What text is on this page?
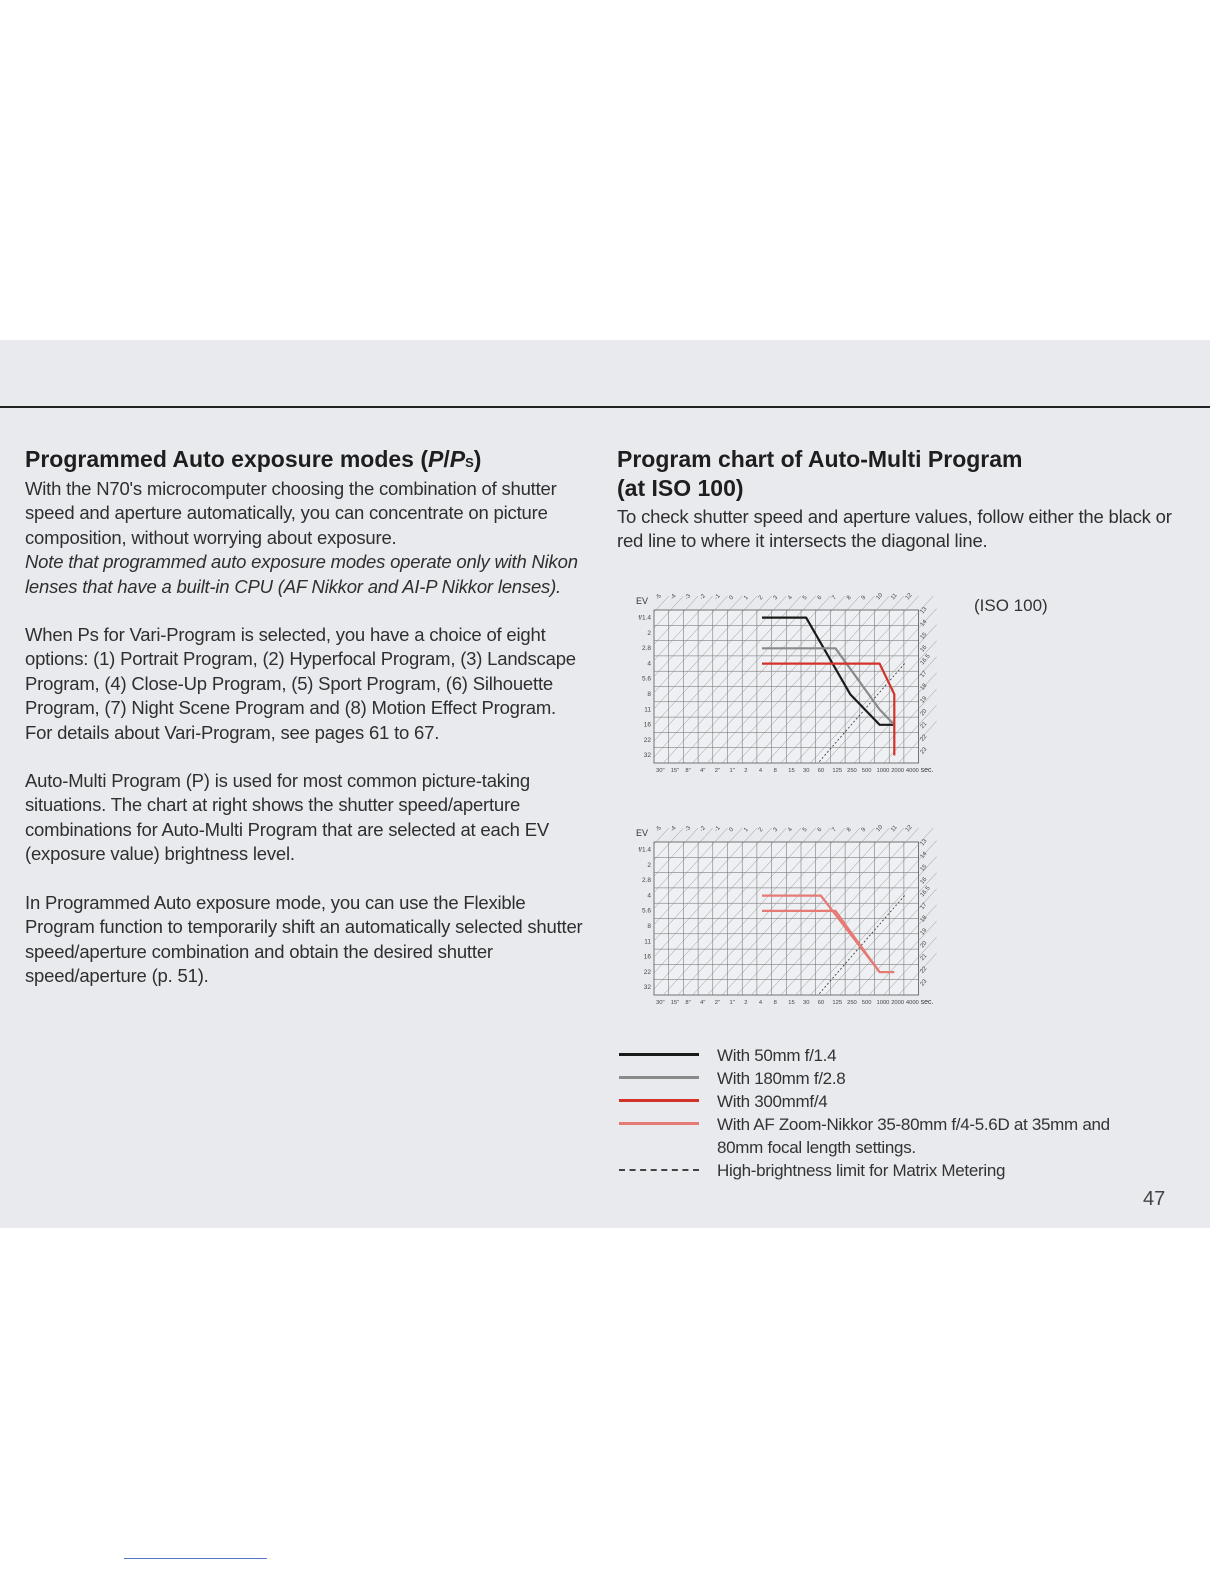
Programmed Auto exposure modes (P/PS)

With the N70's microcomputer choosing the combination of shutter speed and aperture automatically, you can concentrate on picture composition, without worrying about exposure.

Note that programmed auto exposure modes operate only with Nikon lenses that have a built-in CPU (AF Nikkor and AI-P Nikkor lenses).

When Ps for Vari-Program is selected, you have a choice of eight options: (1) Portrait Program, (2) Hyperfocal Program, (3) Landscape Program, (4) Close-Up Program, (5) Sport Program, (6) Silhouette Program, (7) Night Scene Program and (8) Motion Effect Program.

For details about Vari-Program, see pages 61 to 67.

Auto-Multi Program (P) is used for most common picture-taking situations. The chart at right shows the shutter speed/aperture combinations for Auto-Multi Program that are selected at each EV (exposure value) brightness level.

In Programmed Auto exposure mode, you can use the Flexible Program function to temporarily shift an automatically selected shutter speed/aperture combination and obtain the desired shutter speed/aperture (p. 51).

Program chart of Auto-Multi Program
(at ISO 100)

To check shutter speed and aperture values, follow either the black or red line to where it intersects the diagonal line.

(ISO 100)
EV -5 -4 -3 -2 -1 0 1 2 3 4 5 6 7 8 9 10 11 12
13
14
15
16
16.5
17
18
19
20
21
22
23
f/1.4
2
2.8
4
5.6
8
11
16
22
32
30" 15" 8" 4" 2" 1" 2 4 8 15 30 60 125 250 500 1000 2000 4000 sec.
EV -5 -4 -3 -2 -1 0 1 2 3 4 5 6 7 8 9 10 11 12
13
14
15
16
16.5
17
18
19
20
21
22
23
f/1.4
2
2.8
4
5.6
8
11
16
22
32
30" 15" 8" 4" 2" 1" 2 4 8 15 30 60 125 250 500 1000 2000 4000 sec.
With 50mm f/1.4
With 180mm f/2.8
With 300mmf/4
With AF Zoom-Nikkor 35-80mm f/4-5.6D at 35mm and 80mm focal length settings.
High-brightness limit for Matrix Metering
47
